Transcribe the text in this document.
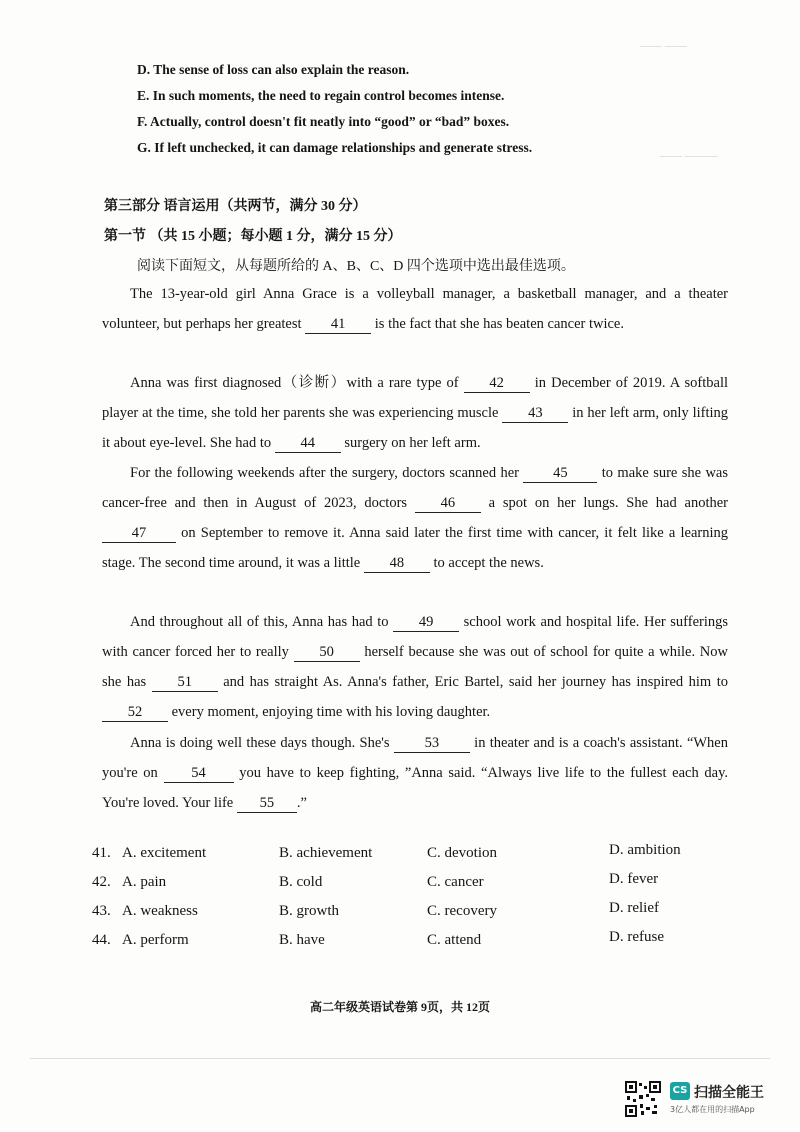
—— ——
—— ———
D. The sense of loss can also explain the reason.
E. In such moments, the need to regain control becomes intense.
F. Actually, control doesn't fit neatly into “good” or “bad” boxes.
G. If left unchecked, it can damage relationships and generate stress.
第三部分 语言运用（共两节，满分 30 分）
第一节 （共 15 小题；每小题 1 分，满分 15 分）
阅读下面短文，从每题所给的 A、B、C、D 四个选项中选出最佳选项。
The 13-year-old girl Anna Grace is a volleyball manager, a basketball manager, and a theater volunteer, but perhaps her greatest 41 is the fact that she has beaten cancer twice.
Anna was first diagnosed（诊断）with a rare type of 42 in December of 2019. A softball player at the time, she told her parents she was experiencing muscle 43 in her left arm, only lifting it about eye-level. She had to 44 surgery on her left arm.
For the following weekends after the surgery, doctors scanned her 45 to make sure she was cancer-free and then in August of 2023, doctors 46 a spot on her lungs. She had another 47 on September to remove it. Anna said later the first time with cancer, it felt like a learning stage. The second time around, it was a little 48 to accept the news.
And throughout all of this, Anna has had to 49 school work and hospital life. Her sufferings with cancer forced her to really 50 herself because she was out of school for quite a while. Now she has 51 and has straight As. Anna's father, Eric Bartel, said her journey has inspired him to 52 every moment, enjoying time with his loving daughter.
Anna is doing well these days though. She's 53 in theater and is a coach's assistant. “When you're on 54 you have to keep fighting, ”Anna said. “Always live life to the fullest each day. You're loved. Your life 55 .”
41. A. excitement	B. achievement	C. devotion	D. ambition
42. A. pain	B. cold	C. cancer	D. fever
43. A. weakness	B. growth	C. recovery	D. relief
44. A. perform	B. have	C. attend	D. refuse
高二年级英语试卷第 9页，共 12页
CS 扫描全能王
3亿人都在用的扫描App
